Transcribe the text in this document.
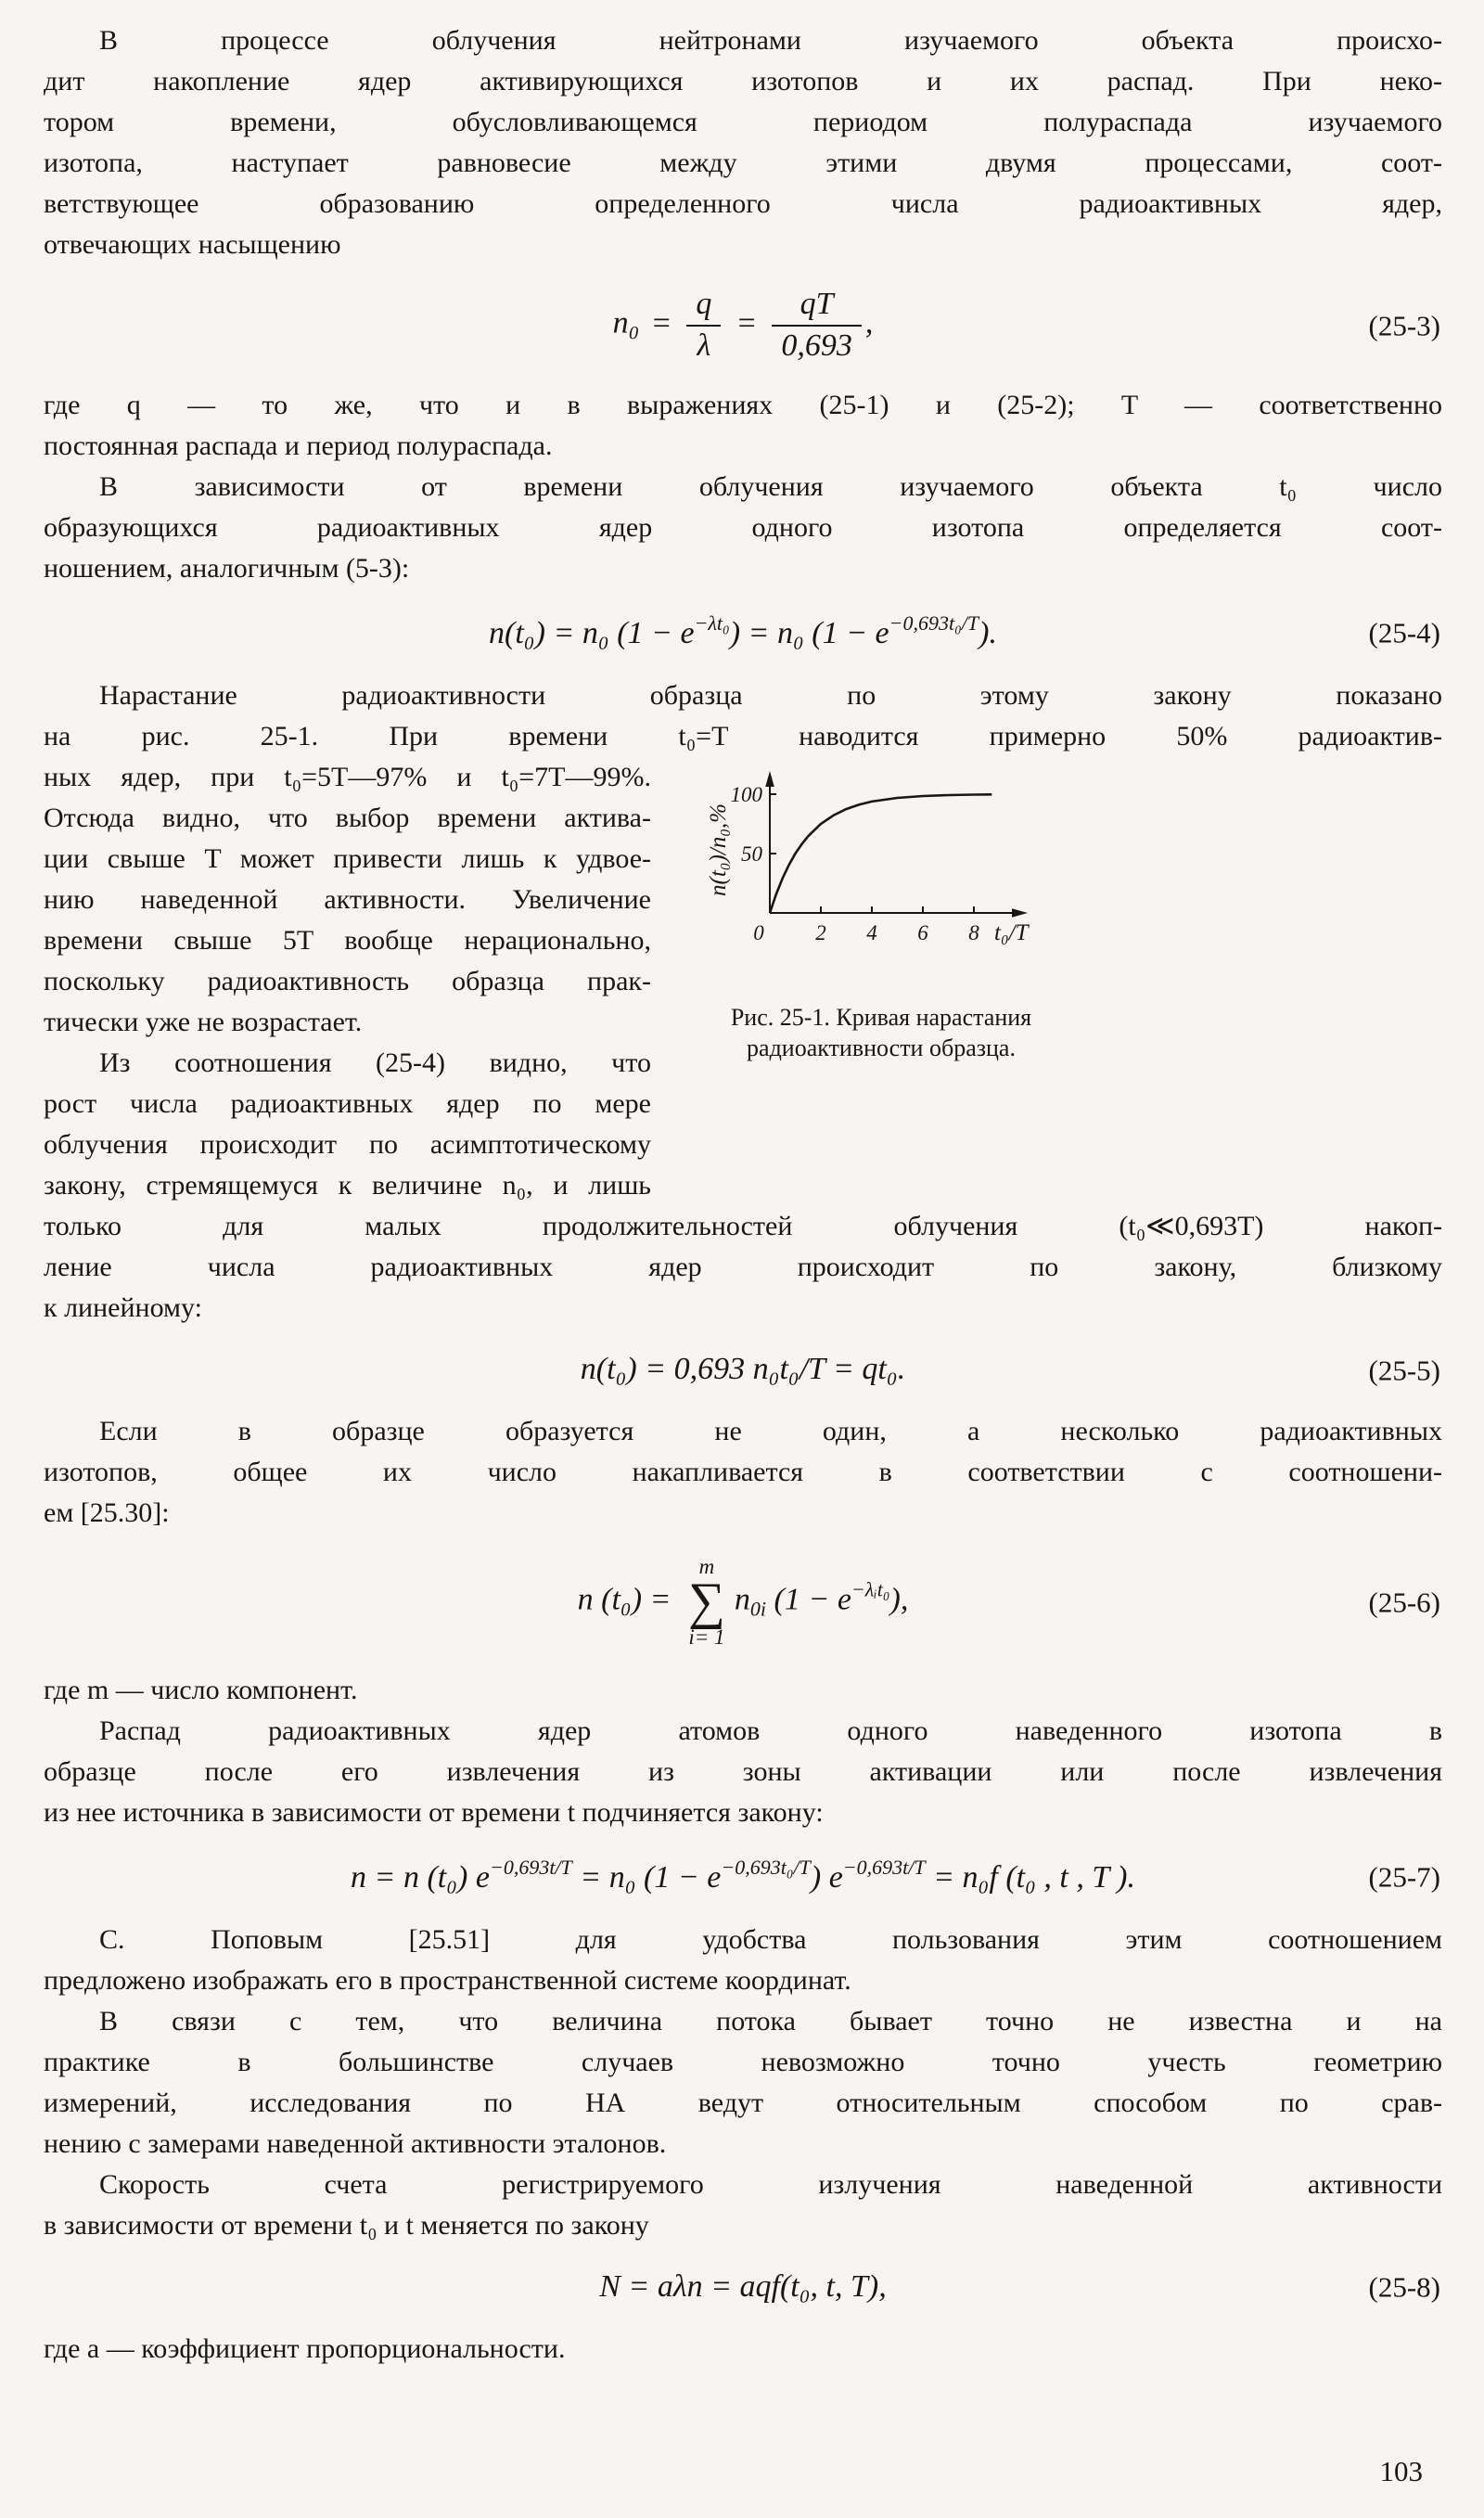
В процессе облучения нейтронами изучаемого объекта происхо-
дит накопление ядер активирующихся изотопов и их распад. При неко-
тором времени, обусловливающемся периодом полураспада изучаемого
изотопа, наступает равновесие между этими двумя процессами, соот-
ветствующее образованию определенного числа радиоактивных ядер,
отвечающих насыщению
$n_0 = \frac{q}{\lambda} = \frac{qT}{0,693}$ ,	(25-3)
где q — то же, что и в выражениях (25-1) и (25-2); T — соответственно
постоянная распада и период полураспада.
В зависимости от времени облучения изучаемого объекта t₀ число
образующихся радиоактивных ядер одного изотопа определяется соот-
ношением, аналогичным (5-3):
n(t₀) = n₀ $(1 - e^{-\lambda t_0}) = n_0$ $(1 - e^{-0,693t_0/T})$.	(25-4)
Нарастание радиоактивности образца по этому закону показано
на рис. 25-1. При времени t₀=T наводится примерно 50% радиоактив-
ных ядер, при t₀=5T—97% и t₀=7T—99%.
Отсюда видно, что выбор времени актива-
ции свыше T может привести лишь к удвое-
нию наведенной активности. Увеличение
времени свыше 5T вообще нерационально,
поскольку радиоактивность образца прак-
тически уже не возрастает.
Из соотношения (25-4) видно, что
рост числа радиоактивных ядер по мере
облучения происходит по асимптотическому
закону, стремящемуся к величине n₀, и лишь
0 2 4 6 8 t₀/T
50
100
n(t₀)/n₀,%
Рис. 25-1. Кривая нарастания
радиоактивности образца.
только для малых продолжительностей облучения (t₀≪0,693T) накоп-
ление числа радиоактивных ядер происходит по закону, близкому
к линейному:
n(t₀) = 0,693 n₀t₀/T = qt₀.	(25-5)
Если в образце образуется не один, а несколько радиоактивных
изотопов, общее их число накапливается в соответствии с соотношени-
ем [25.30]:
n (t₀) =
m
∑
i= 1
$n_{0i}$ $(1 - e^{-\lambda ᵢt_0})$,	(25-6)
где m — число компонент.
Распад радиоактивных ядер атомов одного наведенного изотопа в
образце после его извлечения из зоны активации или после извлечения
из нее источника в зависимости от времени t подчиняется закону:
n = n (t₀) $e^{-0,693t/T} = n_0$ $(1 - e^{-0,693t_0/T})$ $e^{-0,693t/T} = n_0f$ (t₀ , t , T ).	(25-7)
С. Поповым [25.51] для удобства пользования этим соотношением
предложено изображать его в пространственной системе координат.
В связи с тем, что величина потока бывает точно не известна и на
практике в большинстве случаев невозможно точно учесть геометрию
измерений, исследования по НА ведут относительным способом по срав-
нению с замерами наведенной активности эталонов.
Скорость счета регистрируемого излучения наведенной активности
в зависимости от времени t₀ и t меняется по закону
N = aλn = aqf(t₀, t, T),	(25-8)
где a — коэффициент пропорциональности.
103
